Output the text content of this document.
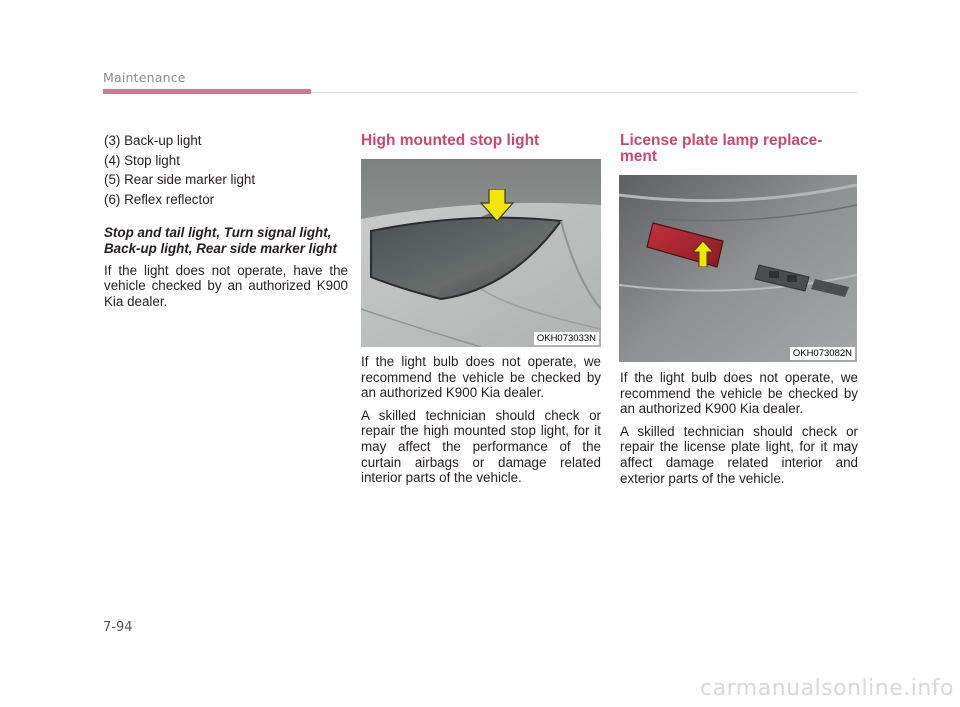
Maintenance
(3) Back-up light
(4) Stop light
(5) Rear side marker light
(6) Reflex reflector
Stop and tail light, Turn signal light, Back-up light, Rear side marker light

If the light does not operate, have the vehicle checked by an authorized K900 Kia dealer.

High mounted stop light
OKH073033N

If the light bulb does not operate, we recommend the vehicle be checked by an authorized K900 Kia dealer.

A skilled technician should check or repair the high mounted stop light, for it may affect the performance of the curtain airbags or damage related interior parts of the vehicle.

License plate lamp replace-ment
OKH073082N

If the light bulb does not operate, we recommend the vehicle be checked by an authorized K900 Kia dealer.

A skilled technician should check or repair the license plate light, for it may affect damage related interior and exterior parts of the vehicle.

7-94
carmanualsonline.info
